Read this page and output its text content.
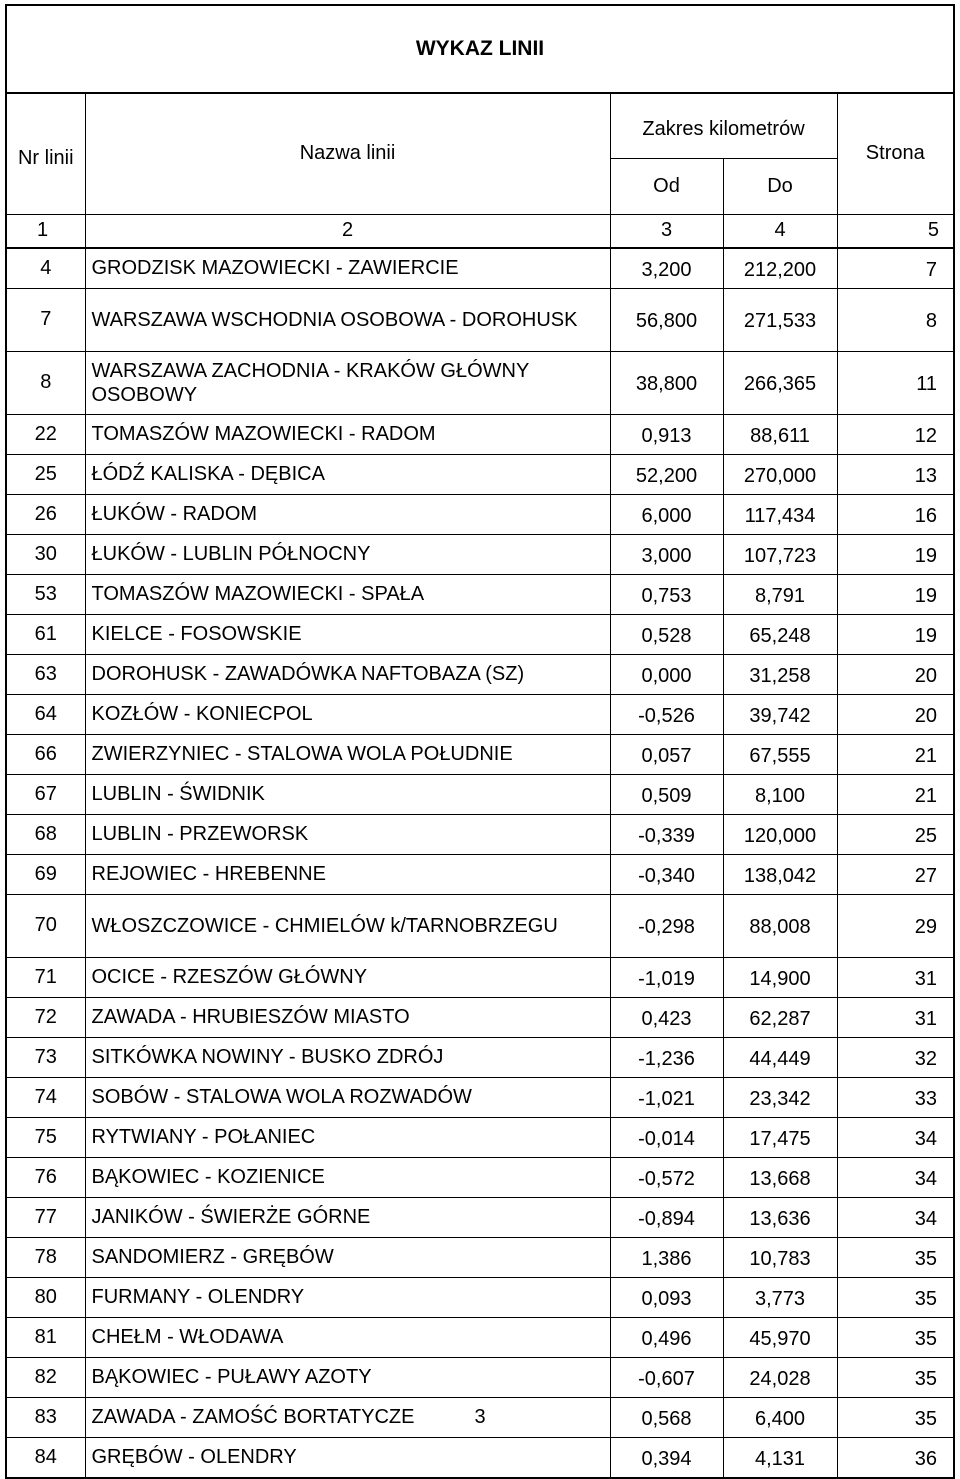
WYKAZ LINII
Nr linii	Nazwa linii	Zakres kilometrów		Strona
		Od	Do	
1	2	3	4	5
4	GRODZISK MAZOWIECKI - ZAWIERCIE	3,200	212,200	7
7	WARSZAWA WSCHODNIA OSOBOWA - DOROHUSK	56,800	271,533	8
8	WARSZAWA ZACHODNIA - KRAKÓW GŁÓWNY OSOBOWY	38,800	266,365	11
22	TOMASZÓW MAZOWIECKI - RADOM	0,913	88,611	12
25	ŁÓDŹ KALISKA - DĘBICA	52,200	270,000	13
26	ŁUKÓW - RADOM	6,000	117,434	16
30	ŁUKÓW - LUBLIN PÓŁNOCNY	3,000	107,723	19
53	TOMASZÓW MAZOWIECKI - SPAŁA	0,753	8,791	19
61	KIELCE - FOSOWSKIE	0,528	65,248	19
63	DOROHUSK - ZAWADÓWKA NAFTOBAZA (SZ)	0,000	31,258	20
64	KOZŁÓW - KONIECPOL	-0,526	39,742	20
66	ZWIERZYNIEC - STALOWA WOLA POŁUDNIE	0,057	67,555	21
67	LUBLIN - ŚWIDNIK	0,509	8,100	21
68	LUBLIN - PRZEWORSK	-0,339	120,000	25
69	REJOWIEC - HREBENNE	-0,340	138,042	27
70	WŁOSZCZOWICE - CHMIELÓW k/TARNOBRZEGU	-0,298	88,008	29
71	OCICE - RZESZÓW GŁÓWNY	-1,019	14,900	31
72	ZAWADA - HRUBIESZÓW MIASTO	0,423	62,287	31
73	SITKÓWKA NOWINY - BUSKO ZDRÓJ	-1,236	44,449	32
74	SOBÓW - STALOWA WOLA ROZWADÓW	-1,021	23,342	33
75	RYTWIANY - POŁANIEC	-0,014	17,475	34
76	BĄKOWIEC - KOZIENICE	-0,572	13,668	34
77	JANIKÓW - ŚWIERŻE GÓRNE	-0,894	13,636	34
78	SANDOMIERZ - GRĘBÓW	1,386	10,783	35
80	FURMANY - OLENDRY	0,093	3,773	35
81	CHEŁM - WŁODAWA	0,496	45,970	35
82	BĄKOWIEC - PUŁAWY AZOTY	-0,607	24,028	35
83	ZAWADA - ZAMOŚĆ BORTATYCZE	0,568	6,400	35
84	GRĘBÓW - OLENDRY	0,394	4,131	36
3
